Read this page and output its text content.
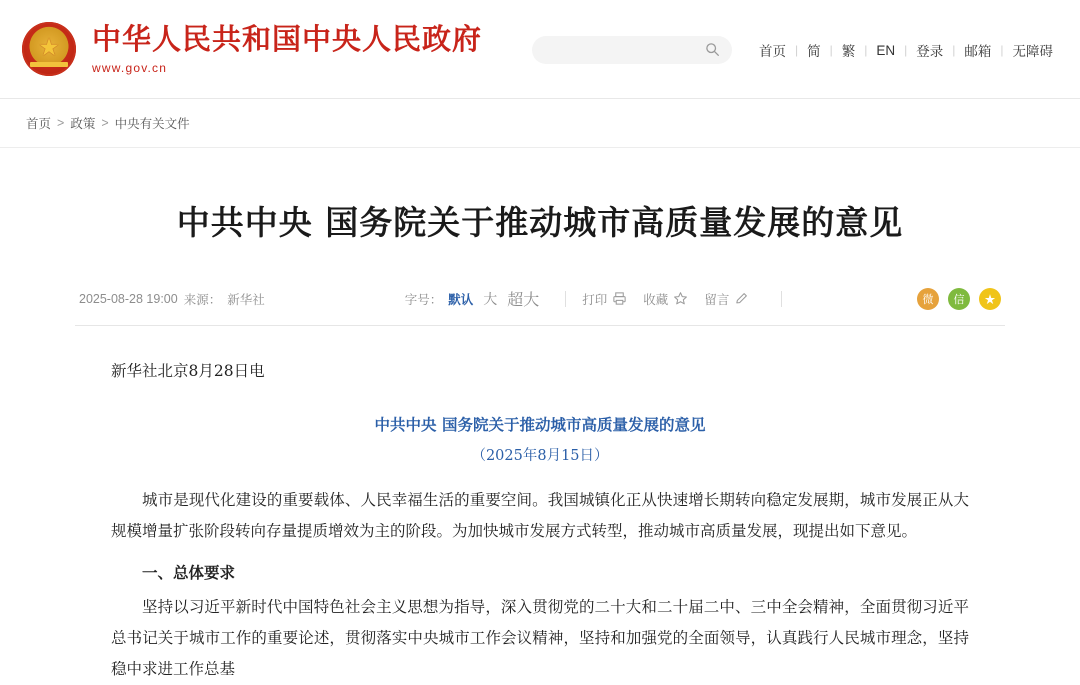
★
中华人民共和国中央人民政府
www.gov.cn
首页 | 简 | 繁 | EN | 登录 | 邮箱 | 无障碍
首页 > 政策 > 中央有关文件
中共中央 国务院关于推动城市高质量发展的意见
2025-08-28 19:00 来源： 新华社	字号： 默认 大 超大	打印	收藏	留言	微	信	★

新华社北京8月28日电

中共中央 国务院关于推动城市高质量发展的意见

（2025年8月15日）

城市是现代化建设的重要载体、人民幸福生活的重要空间。我国城镇化正从快速增长期转向稳定发展期，城市发展正从大规模增量扩张阶段转向存量提质增效为主的阶段。为加快城市发展方式转型，推动城市高质量发展，现提出如下意见。

一、总体要求

坚持以习近平新时代中国特色社会主义思想为指导，深入贯彻党的二十大和二十届二中、三中全会精神，全面贯彻习近平总书记关于城市工作的重要论述，贯彻落实中央城市工作会议精神，坚持和加强党的全面领导，认真践行人民城市理念，坚持稳中求进工作总基
